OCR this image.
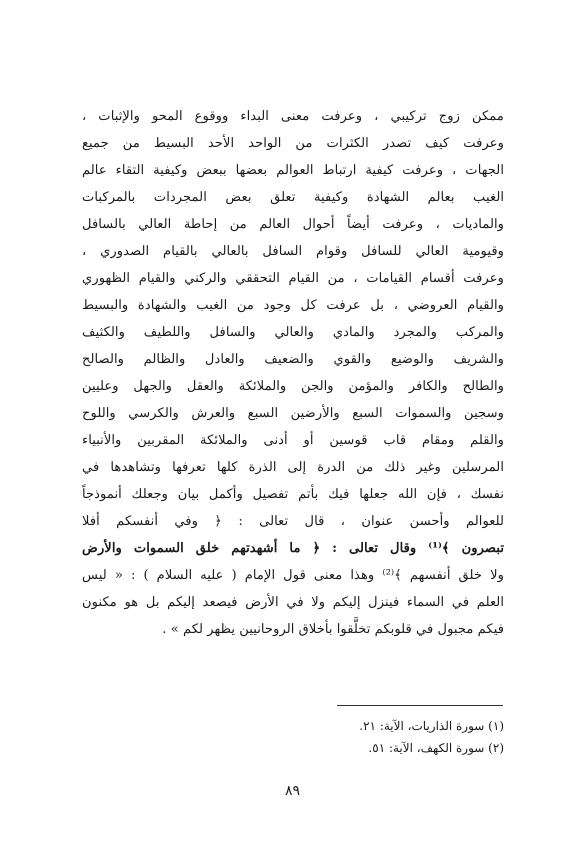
ممكن زوج تركيبي ، وعرفت معنى البداء ووقوع المحو والإثبات ،
وعرفت كيف تصدر الكثرات من الواحد الأحد البسيط من جميع
الجهات ، وعرفت كيفية ارتباط العوالم بعضها ببعض وكيفية التقاء عالم
الغيب بعالم الشهادة وكيفية تعلق بعض المجردات بالمركبات
والماديات ، وعرفت أيضاً أحوال العالم من إحاطة العالي بالسافل
وقيومية العالي للسافل وقوام السافل بالعالي بالقيام الصدوري ،
وعرفت أقسام القيامات ، من القيام التحققي والركني والقيام الظهوري
والقيام العروضي ، بل عرفت كل وجود من الغيب والشهادة والبسيط
والمركب والمجرد والمادي والعالي والسافل واللطيف والكثيف
والشريف والوضيع والقوي والضعيف والعادل والظالم والصالح
والطالح والكافر والمؤمن والجن والملائكة والعقل والجهل وعليين
وسجين والسموات السبع والأرضين السبع والعرش والكرسي واللوح
والقلم ومقام قاب قوسين أو أدنى والملائكة المقربين والأنبياء
المرسلين وغير ذلك من الدرة إلى الذرة كلها تعرفها وتشاهدها في
نفسك ، فإن الله جعلها فيك بأتم تفصيل وأكمل بيان وجعلك أنموذجاً
للعوالم وأحسن عنوان ، قال تعالى : ﴿ وفي أنفسكم أفلا
تبصرون ﴾⁽¹⁾ وقال تعالى : ﴿ ما أشهدتهم خلق السموات والأرض
ولا خلق أنفسهم ﴾⁽²⁾ وهذا معنى قول الإمام ( عليه السلام ) : « ليس
العلم في السماء فينزل إليكم ولا في الأرض فيصعد إليكم بل هو مكنون
فيكم مجبول في قلوبكم تخلَّقوا بأخلاق الروحانيين يظهر لكم » .
(١) سورة الذاريات، الآية: ٢١.
(٢) سورة الكهف، الآية: ٥١.
٨٩
